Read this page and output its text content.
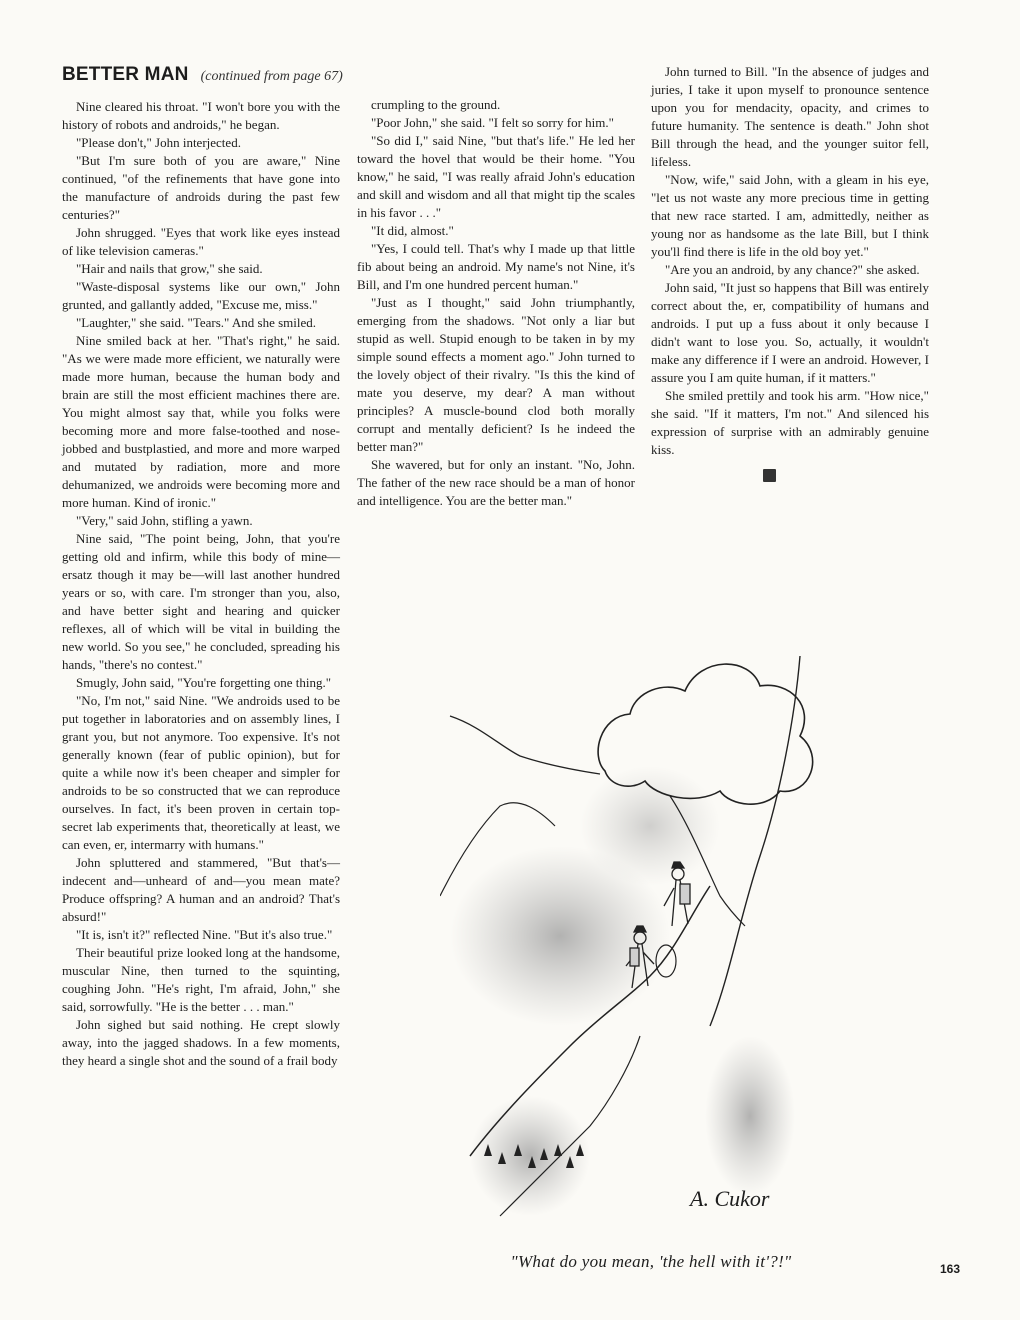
BETTER MAN (continued from page 67)

Nine cleared his throat. "I won't bore you with the history of robots and androids," he began.

"Please don't," John interjected.

"But I'm sure both of you are aware," Nine continued, "of the refinements that have gone into the manufacture of androids during the past few centuries?"

John shrugged. "Eyes that work like eyes instead of like television cameras."

"Hair and nails that grow," she said.

"Waste-disposal systems like our own," John grunted, and gallantly added, "Excuse me, miss."

"Laughter," she said. "Tears." And she smiled.

Nine smiled back at her. "That's right," he said. "As we were made more efficient, we naturally were made more human, because the human body and brain are still the most efficient machines there are. You might almost say that, while you folks were becoming more and more false-toothed and nose-jobbed and bustplastied, and more and more warped and mutated by radiation, more and more dehumanized, we androids were becoming more and more human. Kind of ironic."

"Very," said John, stifling a yawn.

Nine said, "The point being, John, that you're getting old and infirm, while this body of mine—ersatz though it may be—will last another hundred years or so, with care. I'm stronger than you, also, and have better sight and hearing and quicker reflexes, all of which will be vital in building the new world. So you see," he concluded, spreading his hands, "there's no contest."

Smugly, John said, "You're forgetting one thing."

"No, I'm not," said Nine. "We androids used to be put together in laboratories and on assembly lines, I grant you, but not anymore. Too expensive. It's not generally known (fear of public opinion), but for quite a while now it's been cheaper and simpler for androids to be so constructed that we can reproduce ourselves. In fact, it's been proven in certain top-secret lab experiments that, theoretically at least, we can even, er, intermarry with humans."

John spluttered and stammered, "But that's—indecent and—unheard of and—you mean mate? Produce offspring? A human and an android? That's absurd!"

"It is, isn't it?" reflected Nine. "But it's also true."

Their beautiful prize looked long at the handsome, muscular Nine, then turned to the squinting, coughing John. "He's right, I'm afraid, John," she said, sorrowfully. "He is the better . . . man."

John sighed but said nothing. He crept slowly away, into the jagged shadows. In a few moments, they heard a single shot and the sound of a frail body

crumpling to the ground.

"Poor John," she said. "I felt so sorry for him."

"So did I," said Nine, "but that's life." He led her toward the hovel that would be their home. "You know," he said, "I was really afraid John's education and skill and wisdom and all that might tip the scales in his favor . . ."

"It did, almost."

"Yes, I could tell. That's why I made up that little fib about being an android. My name's not Nine, it's Bill, and I'm one hundred percent human."

"Just as I thought," said John triumphantly, emerging from the shadows. "Not only a liar but stupid as well. Stupid enough to be taken in by my simple sound effects a moment ago." John turned to the lovely object of their rivalry. "Is this the kind of mate you deserve, my dear? A man without principles? A muscle-bound clod both morally corrupt and mentally deficient? Is he indeed the better man?"

She wavered, but for only an instant. "No, John. The father of the new race should be a man of honor and intelligence. You are the better man."

John turned to Bill. "In the absence of judges and juries, I take it upon myself to pronounce sentence upon you for mendacity, opacity, and crimes to future humanity. The sentence is death." John shot Bill through the head, and the younger suitor fell, lifeless.

"Now, wife," said John, with a gleam in his eye, "let us not waste any more precious time in getting that new race started. I am, admittedly, neither as young nor as handsome as the late Bill, but I think you'll find there is life in the old boy yet."

"Are you an android, by any chance?" she asked.

John said, "It just so happens that Bill was entirely correct about the, er, compatibility of humans and androids. I put up a fuss about it only because I didn't want to lose you. So, actually, it wouldn't make any difference if I were an android. However, I assure you I am quite human, if it matters."

She smiled prettily and took his arm. "How nice," she said. "If it matters, I'm not." And silenced his expression of surprise with an admirably genuine kiss.

A. Cukor
"What do you mean, 'the hell with it'?!"	163
